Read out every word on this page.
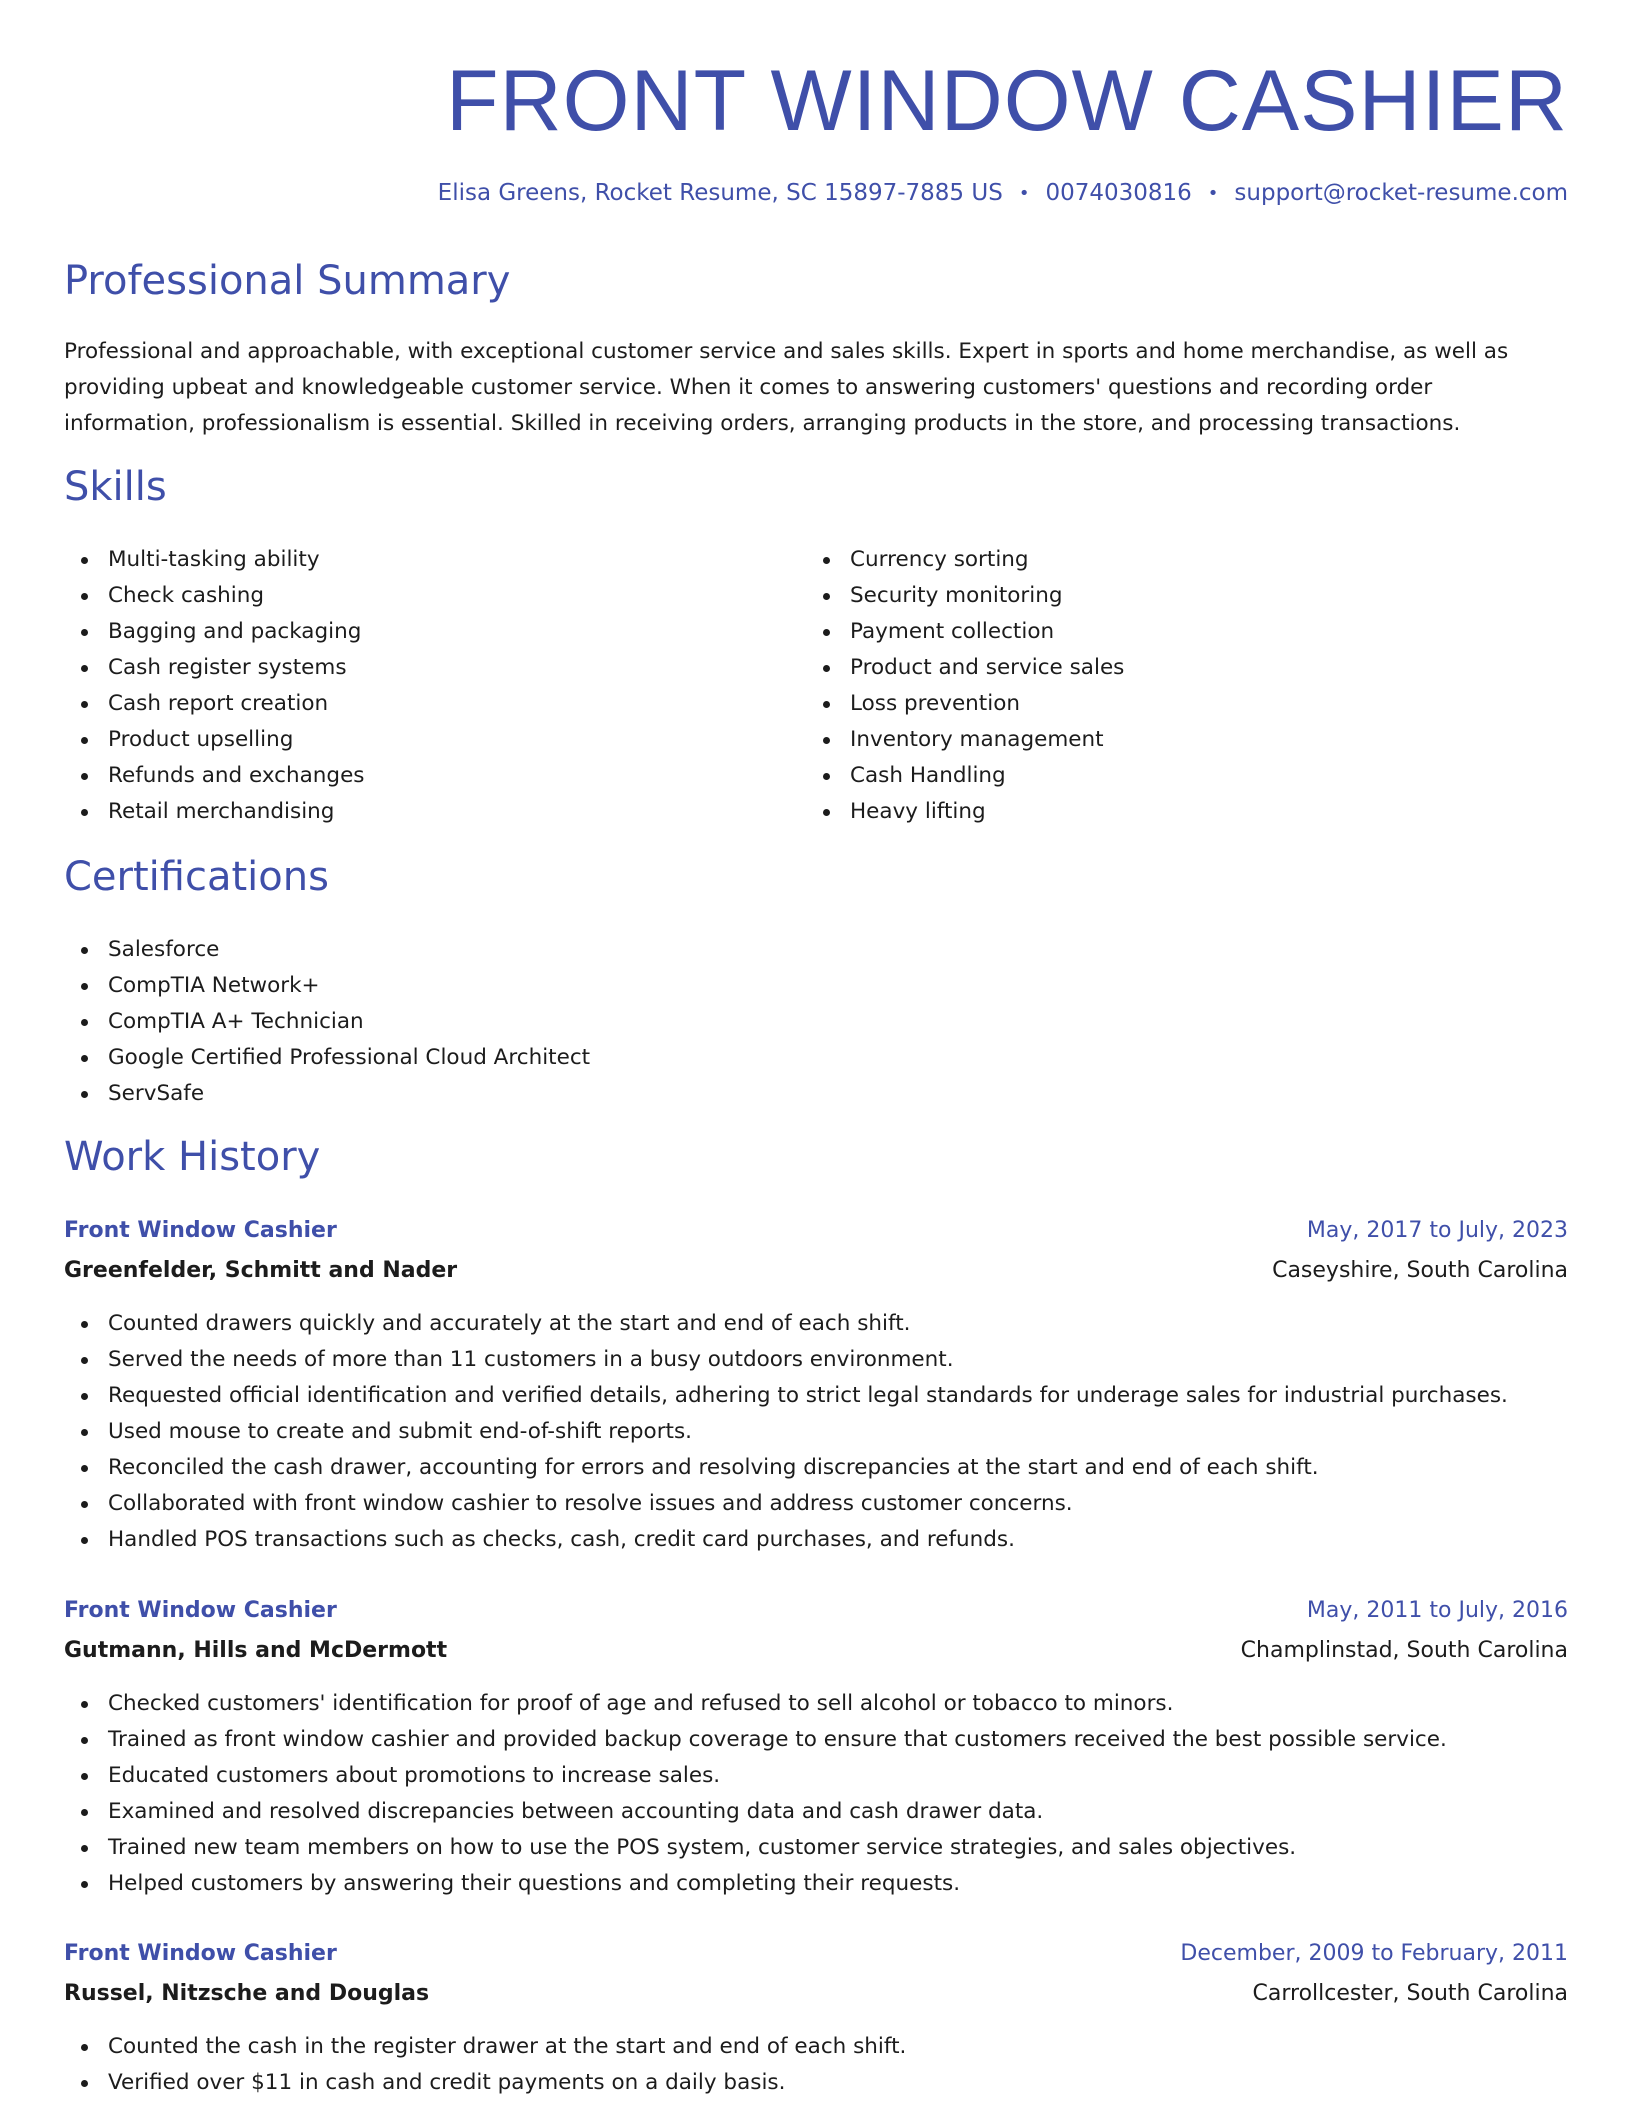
FRONT WINDOW CASHIER
Elisa Greens, Rocket Resume, SC 15897-7885 US • 0074030816 • support@rocket-resume.com
Professional Summary

Professional and approachable, with exceptional customer service and sales skills. Expert in sports and home merchandise, as well as providing upbeat and knowledgeable customer service. When it comes to answering customers' questions and recording order information, professionalism is essential. Skilled in receiving orders, arranging products in the store, and processing transactions.

Skills
Multi-tasking ability
Check cashing
Bagging and packaging
Cash register systems
Cash report creation
Product upselling
Refunds and exchanges
Retail merchandising
Currency sorting
Security monitoring
Payment collection
Product and service sales
Loss prevention
Inventory management
Cash Handling
Heavy lifting
Certifications
Salesforce
CompTIA Network+
CompTIA A+ Technician
Google Certified Professional Cloud Architect
ServSafe
Work History
Front Window Cashier	May, 2017 to July, 2023
Greenfelder, Schmitt and Nader	Caseyshire, South Carolina
Counted drawers quickly and accurately at the start and end of each shift.
Served the needs of more than 11 customers in a busy outdoors environment.
Requested official identification and verified details, adhering to strict legal standards for underage sales for industrial purchases.
Used mouse to create and submit end-of-shift reports.
Reconciled the cash drawer, accounting for errors and resolving discrepancies at the start and end of each shift.
Collaborated with front window cashier to resolve issues and address customer concerns.
Handled POS transactions such as checks, cash, credit card purchases, and refunds.
Front Window Cashier	May, 2011 to July, 2016
Gutmann, Hills and McDermott	Champlinstad, South Carolina
Checked customers' identification for proof of age and refused to sell alcohol or tobacco to minors.
Trained as front window cashier and provided backup coverage to ensure that customers received the best possible service.
Educated customers about promotions to increase sales.
Examined and resolved discrepancies between accounting data and cash drawer data.
Trained new team members on how to use the POS system, customer service strategies, and sales objectives.
Helped customers by answering their questions and completing their requests.
Front Window Cashier	December, 2009 to February, 2011
Russel, Nitzsche and Douglas	Carrollcester, South Carolina
Counted the cash in the register drawer at the start and end of each shift.
Verified over $11 in cash and credit payments on a daily basis.
